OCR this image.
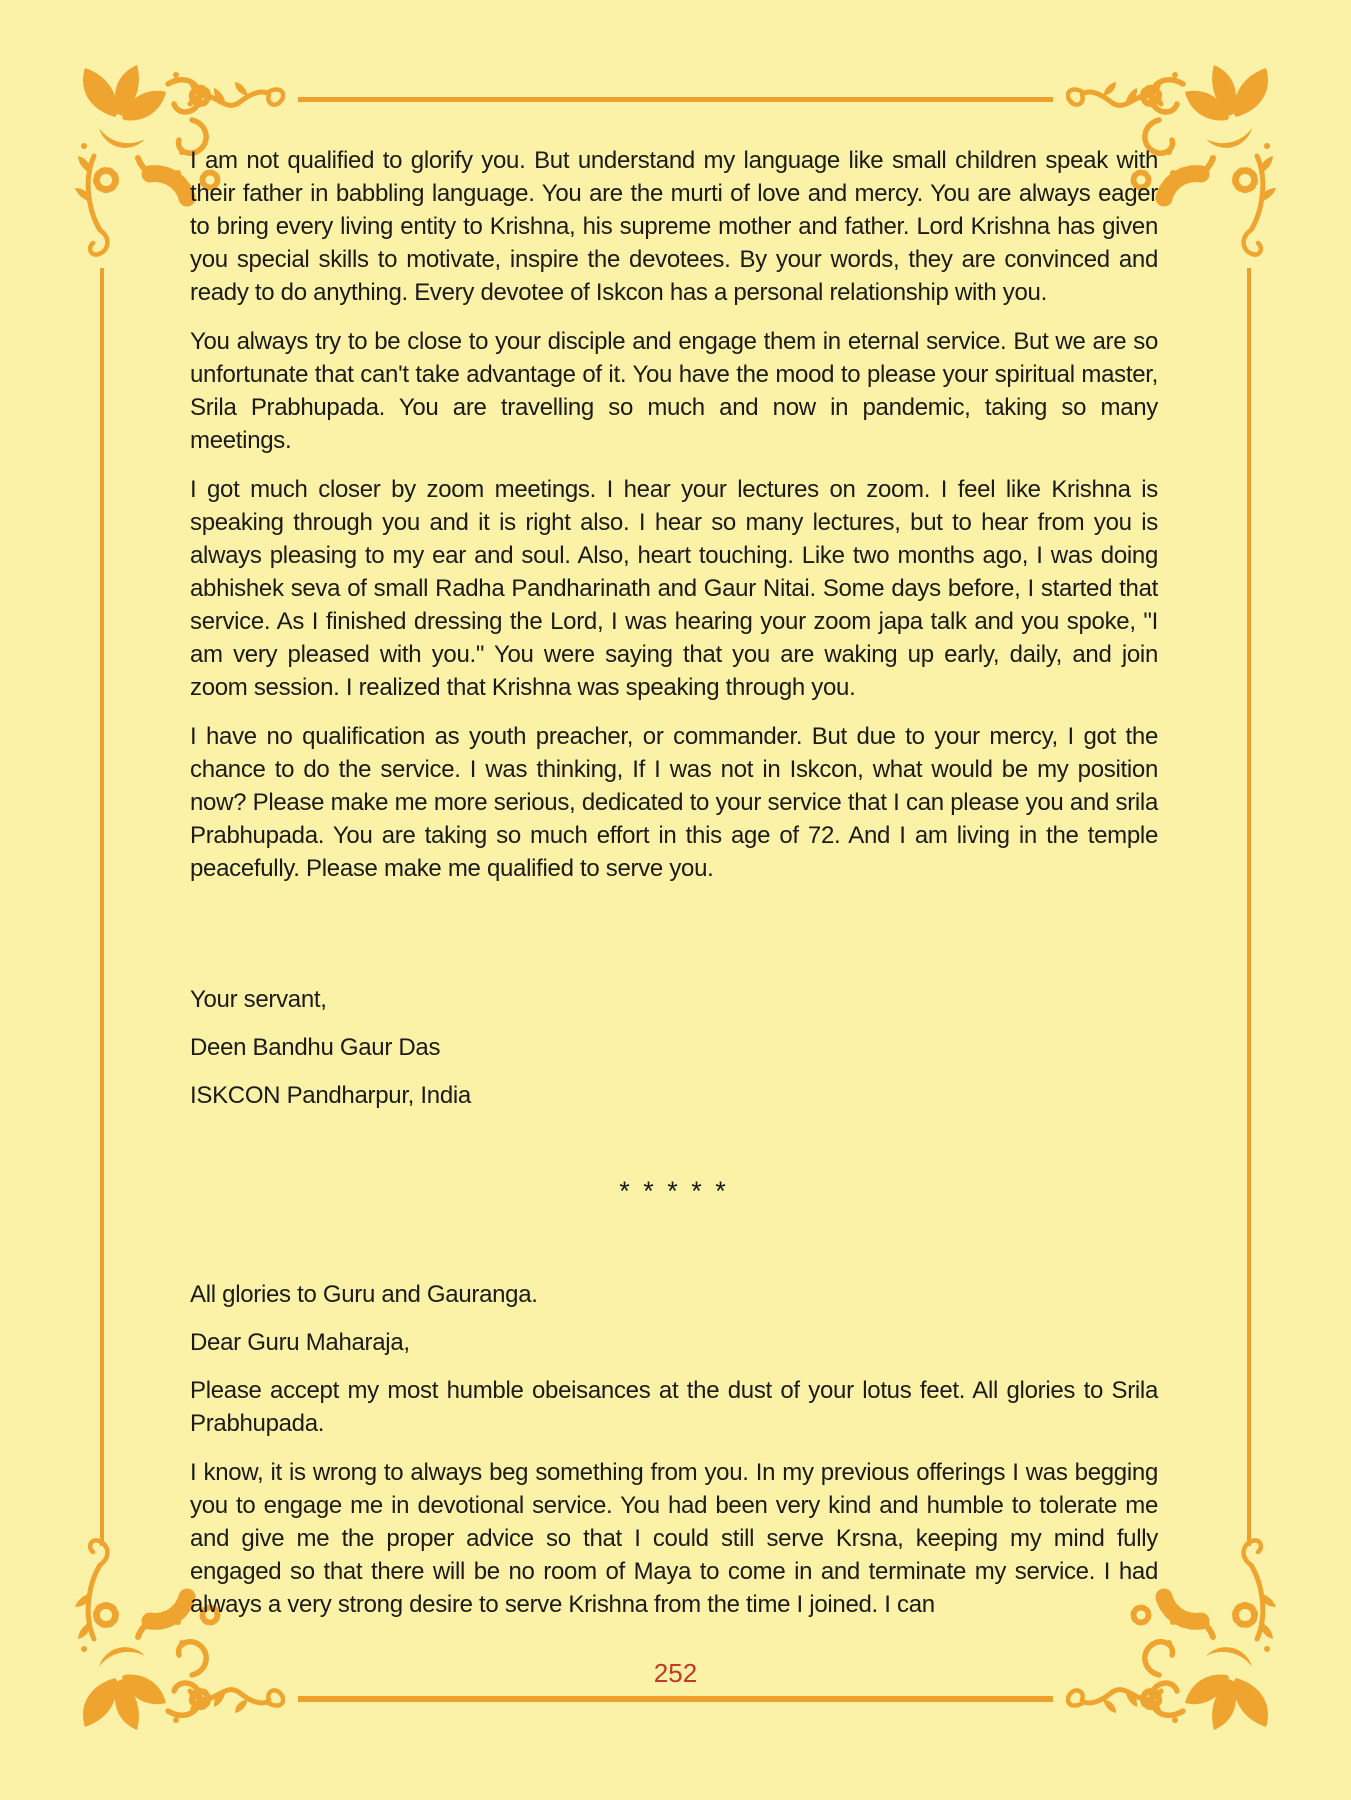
I am not qualified to glorify you. But understand my language like small children speak with their father in babbling language. You are the murti of love and mercy. You are always eager to bring every living entity to Krishna, his supreme mother and father. Lord Krishna has given you special skills to motivate, inspire the devotees. By your words, they are convinced and ready to do anything. Every devotee of Iskcon has a personal relationship with you.

You always try to be close to your disciple and engage them in eternal service. But we are so unfortunate that can't take advantage of it. You have the mood to please your spiritual master, Srila Prabhupada. You are travelling so much and now in pandemic, taking so many meetings.

I got much closer by zoom meetings. I hear your lectures on zoom. I feel like Krishna is speaking through you and it is right also. I hear so many lectures, but to hear from you is always pleasing to my ear and soul. Also, heart touching. Like two months ago, I was doing abhishek seva of small Radha Pandharinath and Gaur Nitai. Some days before, I started that service. As I finished dressing the Lord, I was hearing your zoom japa talk and you spoke, "I am very pleased with you." You were saying that you are waking up early, daily, and join zoom session. I realized that Krishna was speaking through you.

I have no qualification as youth preacher, or commander. But due to your mercy, I got the chance to do the service. I was thinking, If I was not in Iskcon, what would be my position now? Please make me more serious, dedicated to your service that I can please you and srila Prabhupada. You are taking so much effort in this age of 72. And I am living in the temple peacefully. Please make me qualified to serve you.

Your servant,

Deen Bandhu Gaur Das

ISKCON Pandharpur, India

* * * * *

All glories to Guru and Gauranga.

Dear Guru Maharaja,

Please accept my most humble obeisances at the dust of your lotus feet. All glories to Srila Prabhupada.

I know, it is wrong to always beg something from you. In my previous offerings I was begging you to engage me in devotional service. You had been very kind and humble to tolerate me and give me the proper advice so that I could still serve Krsna, keeping my mind fully engaged so that there will be no room of Maya to come in and terminate my service. I had always a very strong desire to serve Krishna from the time I joined. I can

252
